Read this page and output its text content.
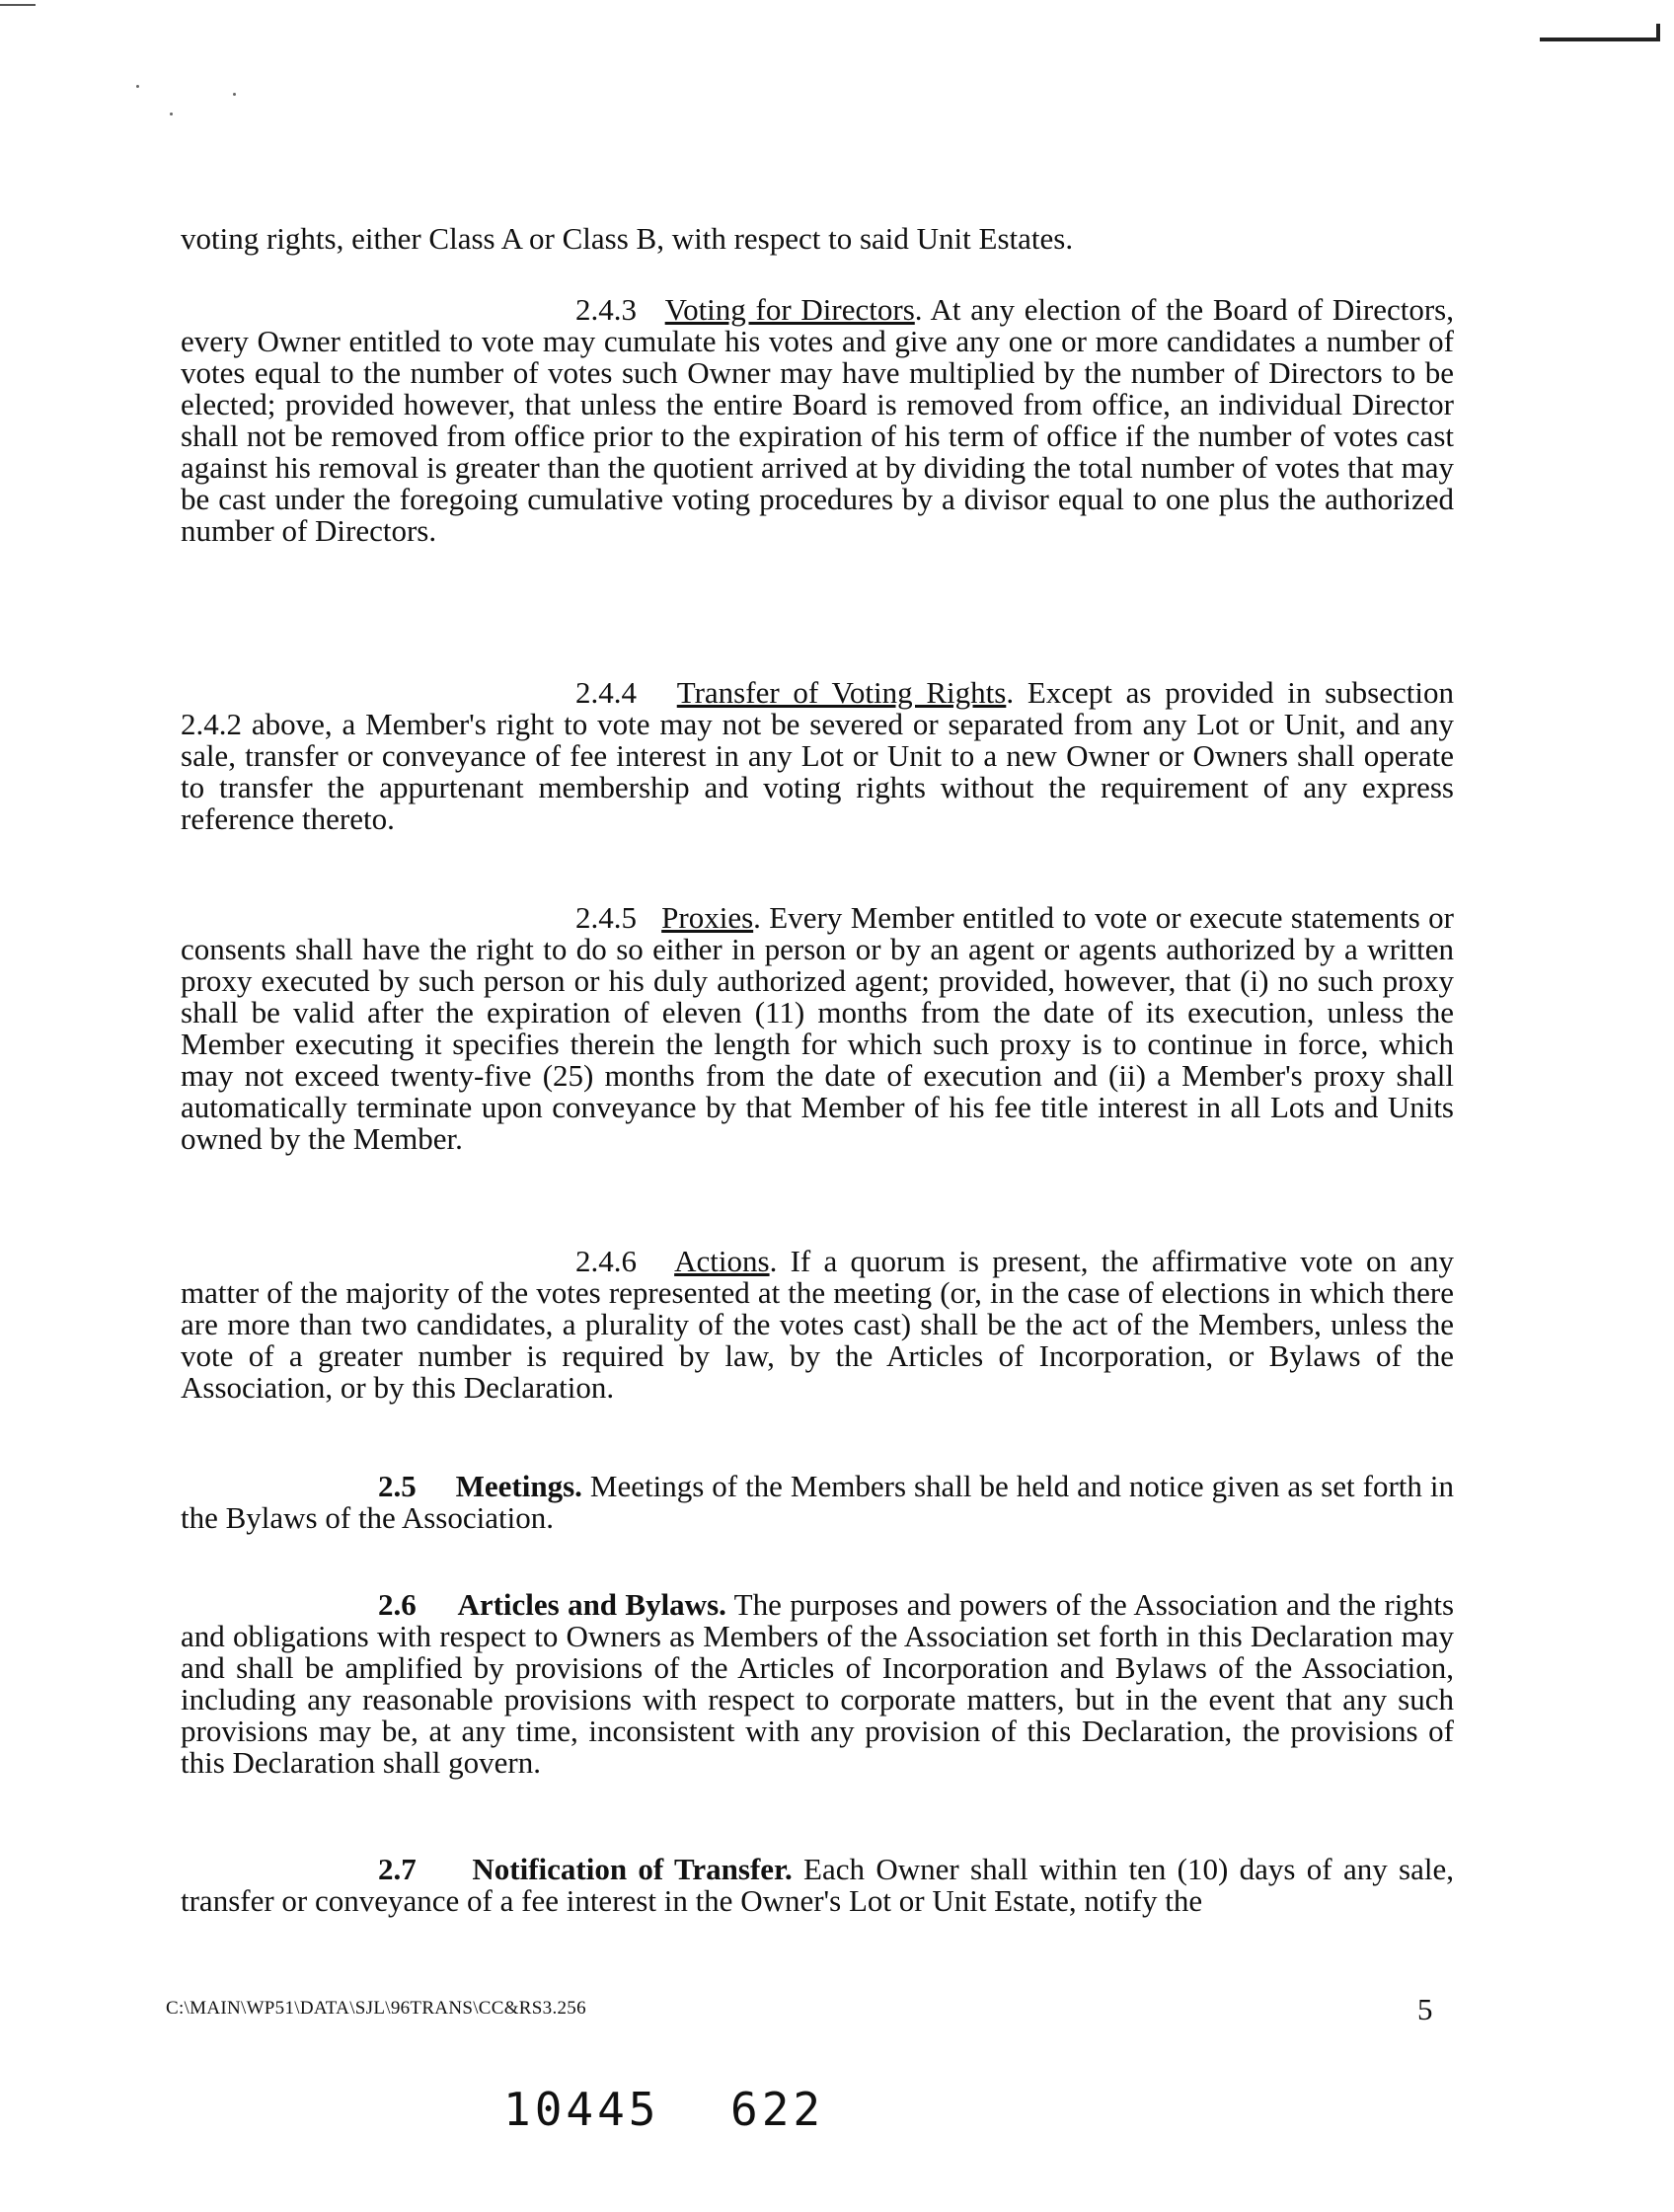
voting rights, either Class A or Class B, with respect to said Unit Estates.

2.4.3 Voting for Directors. At any election of the Board of Directors, every Owner entitled to vote may cumulate his votes and give any one or more candidates a number of votes equal to the number of votes such Owner may have multiplied by the number of Directors to be elected; provided however, that unless the entire Board is removed from office, an individual Director shall not be removed from office prior to the expiration of his term of office if the number of votes cast against his removal is greater than the quotient arrived at by dividing the total number of votes that may be cast under the foregoing cumulative voting procedures by a divisor equal to one plus the authorized number of Directors.

2.4.4 Transfer of Voting Rights. Except as provided in subsection 2.4.2 above, a Member's right to vote may not be severed or separated from any Lot or Unit, and any sale, transfer or conveyance of fee interest in any Lot or Unit to a new Owner or Owners shall operate to transfer the appurtenant membership and voting rights without the requirement of any express reference thereto.

2.4.5 Proxies. Every Member entitled to vote or execute statements or consents shall have the right to do so either in person or by an agent or agents authorized by a written proxy executed by such person or his duly authorized agent; provided, however, that (i) no such proxy shall be valid after the expiration of eleven (11) months from the date of its execution, unless the Member executing it specifies therein the length for which such proxy is to continue in force, which may not exceed twenty-five (25) months from the date of execution and (ii) a Member's proxy shall automatically terminate upon conveyance by that Member of his fee title interest in all Lots and Units owned by the Member.

2.4.6 Actions. If a quorum is present, the affirmative vote on any matter of the majority of the votes represented at the meeting (or, in the case of elections in which there are more than two candidates, a plurality of the votes cast) shall be the act of the Members, unless the vote of a greater number is required by law, by the Articles of Incorporation, or Bylaws of the Association, or by this Declaration.

2.5 Meetings. Meetings of the Members shall be held and notice given as set forth in the Bylaws of the Association.

2.6 Articles and Bylaws. The purposes and powers of the Association and the rights and obligations with respect to Owners as Members of the Association set forth in this Declaration may and shall be amplified by provisions of the Articles of Incorporation and Bylaws of the Association, including any reasonable provisions with respect to corporate matters, but in the event that any such provisions may be, at any time, inconsistent with any provision of this Declaration, the provisions of this Declaration shall govern.

2.7 Notification of Transfer. Each Owner shall within ten (10) days of any sale, transfer or conveyance of a fee interest in the Owner's Lot or Unit Estate, notify the

C:\MAIN\WP51\DATA\SJL\96TRANS\CC&RS3.256	5
10445 622
